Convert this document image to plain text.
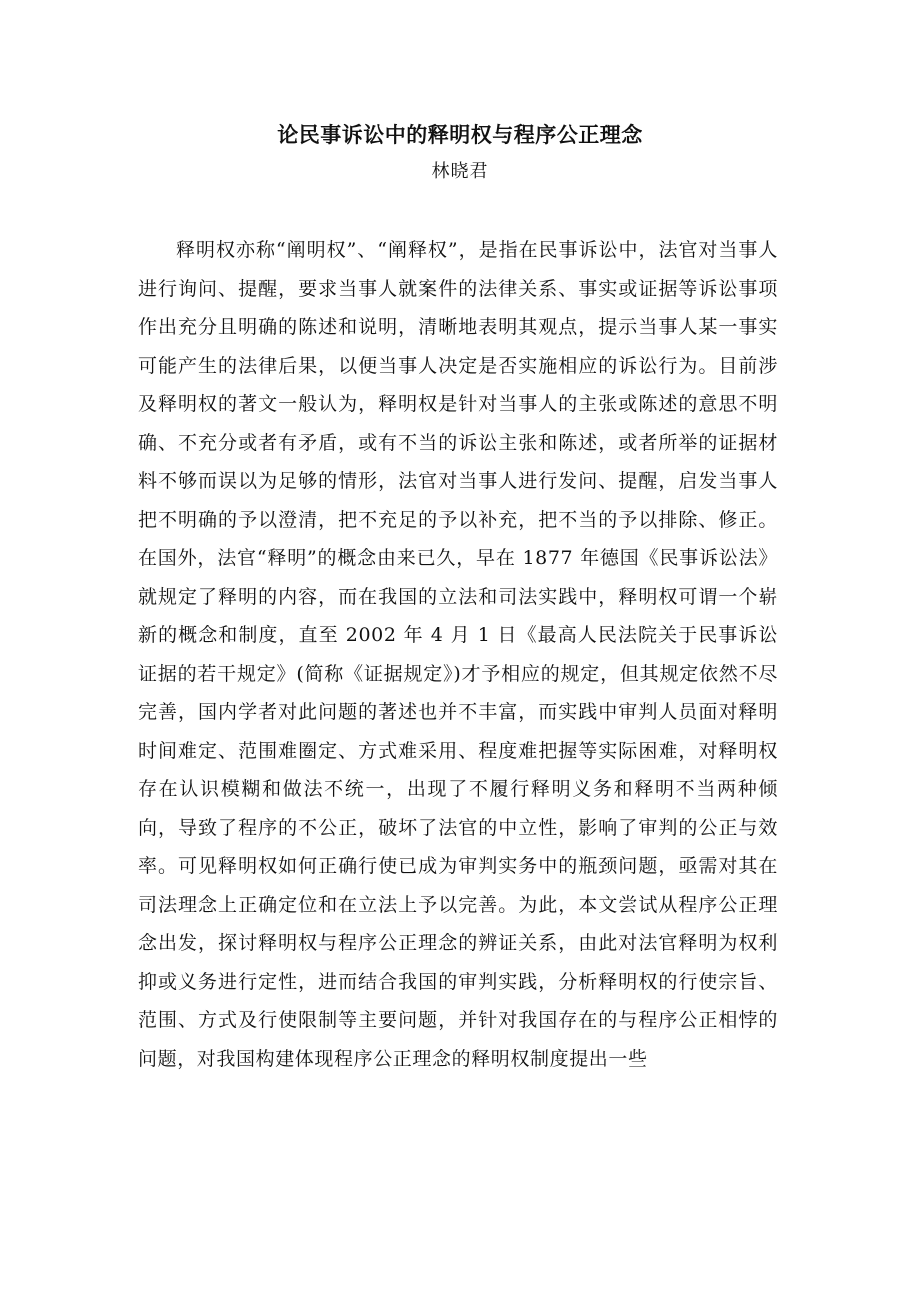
论民事诉讼中的释明权与程序公正理念
林晓君

释明权亦称“阐明权”、“阐释权”，是指在民事诉讼中，法官对当事人进行询问、提醒，要求当事人就案件的法律关系、事实或证据等诉讼事项作出充分且明确的陈述和说明，清晰地表明其观点，提示当事人某一事实可能产生的法律后果，以便当事人决定是否实施相应的诉讼行为。目前涉及释明权的著文一般认为，释明权是针对当事人的主张或陈述的意思不明确、不充分或者有矛盾，或有不当的诉讼主张和陈述，或者所举的证据材料不够而误以为足够的情形，法官对当事人进行发问、提醒，启发当事人把不明确的予以澄清，把不充足的予以补充，把不当的予以排除、修正。在国外，法官“释明”的概念由来已久，早在 1877 年德国《民事诉讼法》就规定了释明的内容，而在我国的立法和司法实践中，释明权可谓一个崭新的概念和制度，直至 2002 年 4 月 1 日《最高人民法院关于民事诉讼证据的若干规定》(简称《证据规定》)才予相应的规定，但其规定依然不尽完善，国内学者对此问题的著述也并不丰富，而实践中审判人员面对释明时间难定、范围难圈定、方式难采用、程度难把握等实际困难，对释明权存在认识模糊和做法不统一，出现了不履行释明义务和释明不当两种倾向，导致了程序的不公正，破坏了法官的中立性，影响了审判的公正与效率。可见释明权如何正确行使已成为审判实务中的瓶颈问题，亟需对其在司法理念上正确定位和在立法上予以完善。为此，本文尝试从程序公正理念出发，探讨释明权与程序公正理念的辨证关系，由此对法官释明为权利抑或义务进行定性，进而结合我国的审判实践，分析释明权的行使宗旨、范围、方式及行使限制等主要问题，并针对我国存在的与程序公正相悖的问题，对我国构建体现程序公正理念的释明权制度提出一些
